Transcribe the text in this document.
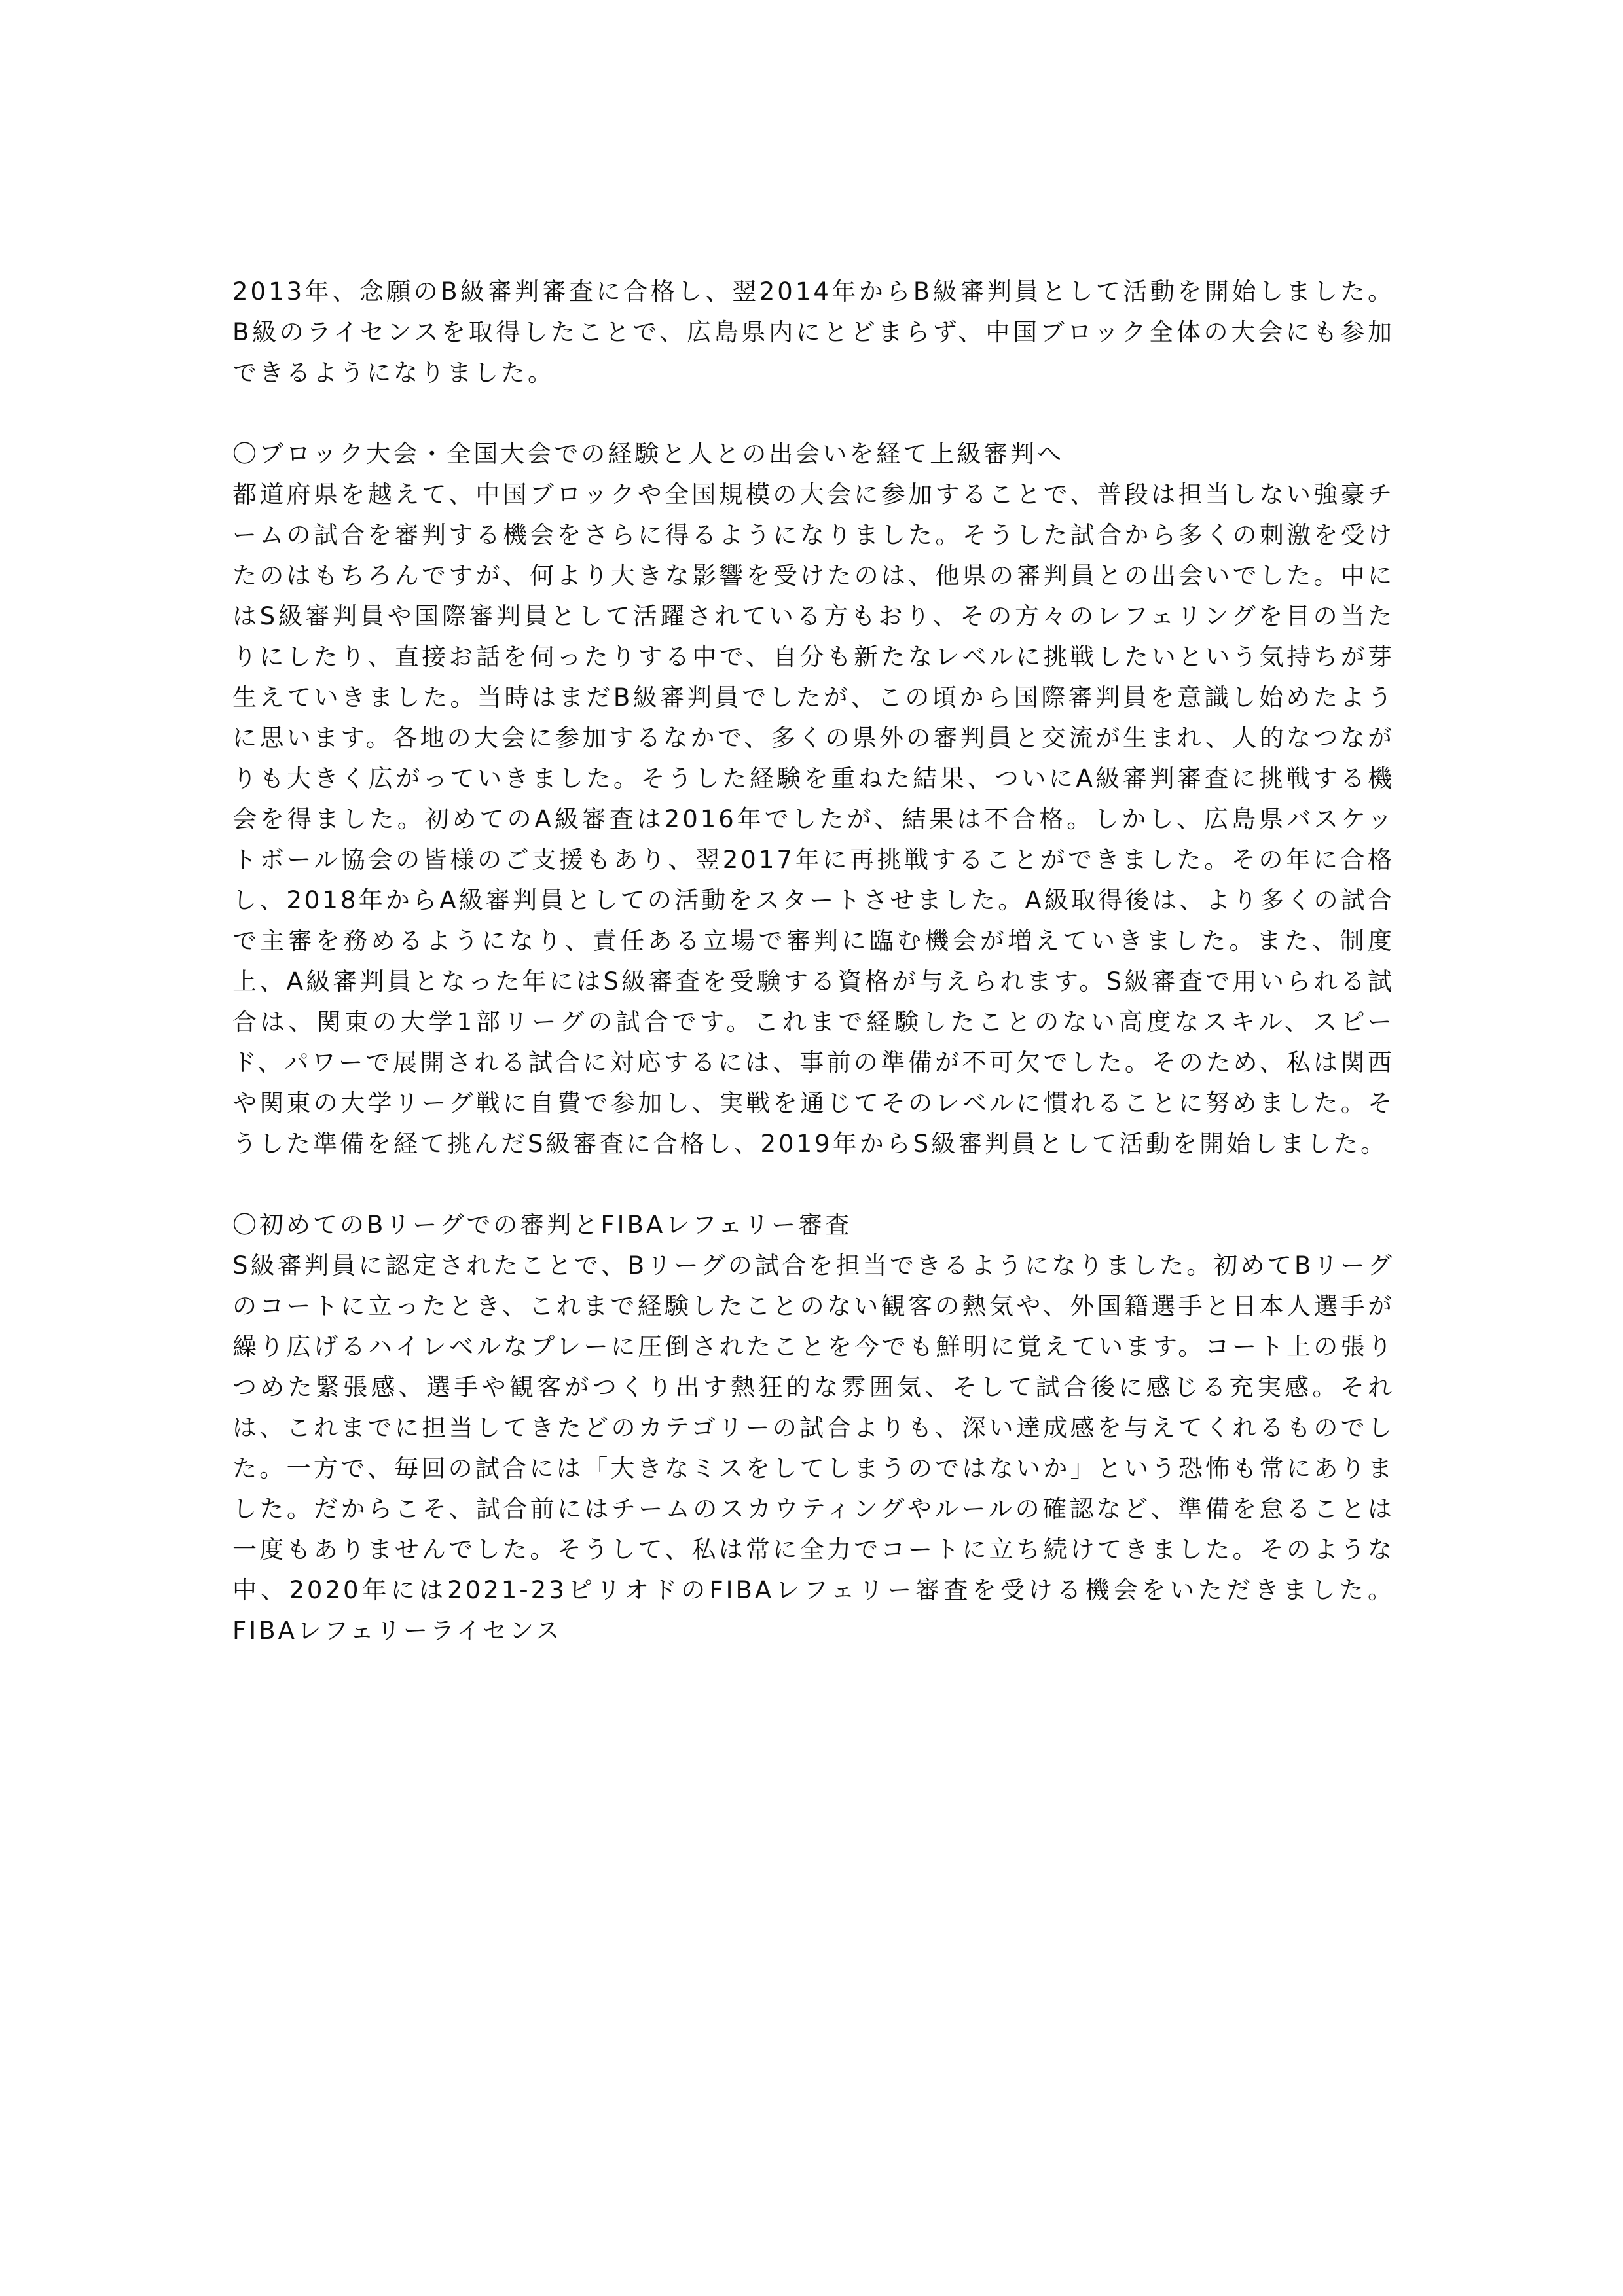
2013年、念願のB級審判審査に合格し、翌2014年からB級審判員として活動を開始しました。B級のライセンスを取得したことで、広島県内にとどまらず、中国ブロック全体の大会にも参加できるようになりました。

〇ブロック大会・全国大会での経験と人との出会いを経て上級審判へ

都道府県を越えて、中国ブロックや全国規模の大会に参加することで、普段は担当しない強豪チームの試合を審判する機会をさらに得るようになりました。そうした試合から多くの刺激を受けたのはもちろんですが、何より大きな影響を受けたのは、他県の審判員との出会いでした。中にはS級審判員や国際審判員として活躍されている方もおり、その方々のレフェリングを目の当たりにしたり、直接お話を伺ったりする中で、自分も新たなレベルに挑戦したいという気持ちが芽生えていきました。当時はまだB級審判員でしたが、この頃から国際審判員を意識し始めたように思います。各地の大会に参加するなかで、多くの県外の審判員と交流が生まれ、人的なつながりも大きく広がっていきました。そうした経験を重ねた結果、ついにA級審判審査に挑戦する機会を得ました。初めてのA級審査は2016年でしたが、結果は不合格。しかし、広島県バスケットボール協会の皆様のご支援もあり、翌2017年に再挑戦することができました。その年に合格し、2018年からA級審判員としての活動をスタートさせました。A級取得後は、より多くの試合で主審を務めるようになり、責任ある立場で審判に臨む機会が増えていきました。また、制度上、A級審判員となった年にはS級審査を受験する資格が与えられます。S級審査で用いられる試合は、関東の大学1部リーグの試合です。これまで経験したことのない高度なスキル、スピード、パワーで展開される試合に対応するには、事前の準備が不可欠でした。そのため、私は関西や関東の大学リーグ戦に自費で参加し、実戦を通じてそのレベルに慣れることに努めました。そうした準備を経て挑んだS級審査に合格し、2019年からS級審判員として活動を開始しました。

〇初めてのBリーグでの審判とFIBAレフェリー審査

S級審判員に認定されたことで、Bリーグの試合を担当できるようになりました。初めてBリーグのコートに立ったとき、これまで経験したことのない観客の熱気や、外国籍選手と日本人選手が繰り広げるハイレベルなプレーに圧倒されたことを今でも鮮明に覚えています。コート上の張りつめた緊張感、選手や観客がつくり出す熱狂的な雰囲気、そして試合後に感じる充実感。それは、これまでに担当してきたどのカテゴリーの試合よりも、深い達成感を与えてくれるものでした。一方で、毎回の試合には「大きなミスをしてしまうのではないか」という恐怖も常にありました。だからこそ、試合前にはチームのスカウティングやルールの確認など、準備を怠ることは一度もありませんでした。そうして、私は常に全力でコートに立ち続けてきました。そのような中、2020年には2021-23ピリオドのFIBAレフェリー審査を受ける機会をいただきました。FIBAレフェリーライセンス
